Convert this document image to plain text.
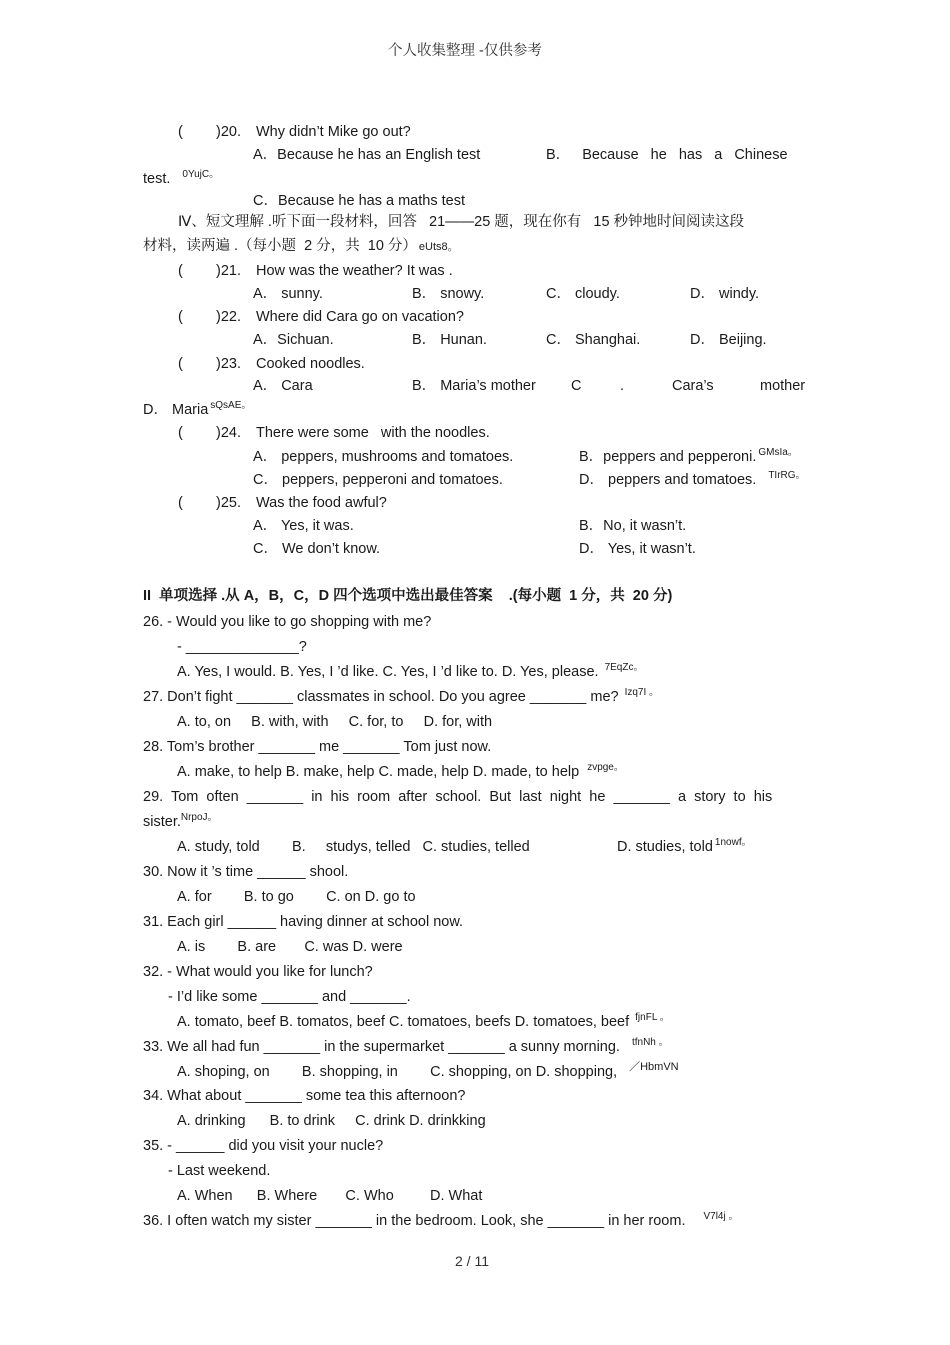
个人收集整理 -仅供参考
( )20. Why didn’t Mike go out?
A．Because he has an English test	B． Because he has a Chinese
test. $^{0YujC。}$
C．Because he has a maths test
Ⅳ、短文理解 .听下面一段材料，回答   21——25 题，现在你有   15 秒钟地时间阅读这段
材料，读两遍 .（每小题  2 分，共  10 分） eUts8。
( )21. How was the weather? It was .
A． sunny.	B． snowy.	C． cloudy.	D． windy.
( )22. Where did Cara go on vacation?
A．Sichuan.	B． Hunan.	C． Shanghai.	D． Beijing.
( )23. Cooked noodles.
A． Cara	B． Maria’s mother C	.	Cara’s	mother
D． Maria $^{sQsAE。}$
( )24. There were some   with the noodles.
A． peppers, mushrooms and tomatoes.	B．peppers and pepperoni. $^{GMsIa。}$
C． peppers, pepperoni and tomatoes.	D． peppers and tomatoes. $^{TIrRG。}$
( )25. Was the food awful?
A． Yes, it was.	B．No, it wasn’t.
C． We don’t know.	D． Yes, it wasn’t.
II  单项选择 .从 A，B，C，D 四个选项中选出最佳答案    .(每小题  1 分，共  20 分)
26. - Would you like to go shopping with me?
- ______________?
A. Yes, I would. B. Yes, I ’d like. C. Yes, I ’d like to. D. Yes, please. $^{7EqZc。}$
27. Don’t fight _______ classmates in school. Do you agree _______ me? $^{Izq7I 。}$
A. to, on     B. with, with     C. for, to     D. for, with
28. Tom’s brother _______ me _______ Tom just now.
A. make, to help B. make, help C. made, help D. made, to help $^{zvpge。}$
29.  Tom  often  _______  in  his  room  after  school.  But  last  night  he  _______  a  story  to  his
sister.$^{NrpoJ。}$
A. study, told        B.     studys, telled   C. studies, telled	D. studies, told $^{1nowf。}$
30. Now it ’s time ______ shool.
A. for        B. to go        C. on D. go to
31. Each girl ______ having dinner at school now.
A. is        B. are       C. was D. were
32. - What would you like for lunch?
- I’d like some _______ and _______.
A. tomato, beef B. tomatos, beef C. tomatoes, beefs D. tomatoes, beef $^{fjnFL 。}$
33. We all had fun _______ in the supermarket _______ a sunny morning. $^{tfnNh 。}$
A. shoping, on        B. shopping, in        C. shopping, on D. shopping, $^{/HbmVN}$
34. What about _______ some tea this afternoon?
A. drinking      B. to drink     C. drink D. drinkking
35. - ______ did you visit your nucle?
- Last weekend.
A. When      B. Where       C. Who         D. What
36. I often watch my sister _______ in the bedroom. Look, she _______ in her room. $^{V7l4j 。}$
2 / 11
